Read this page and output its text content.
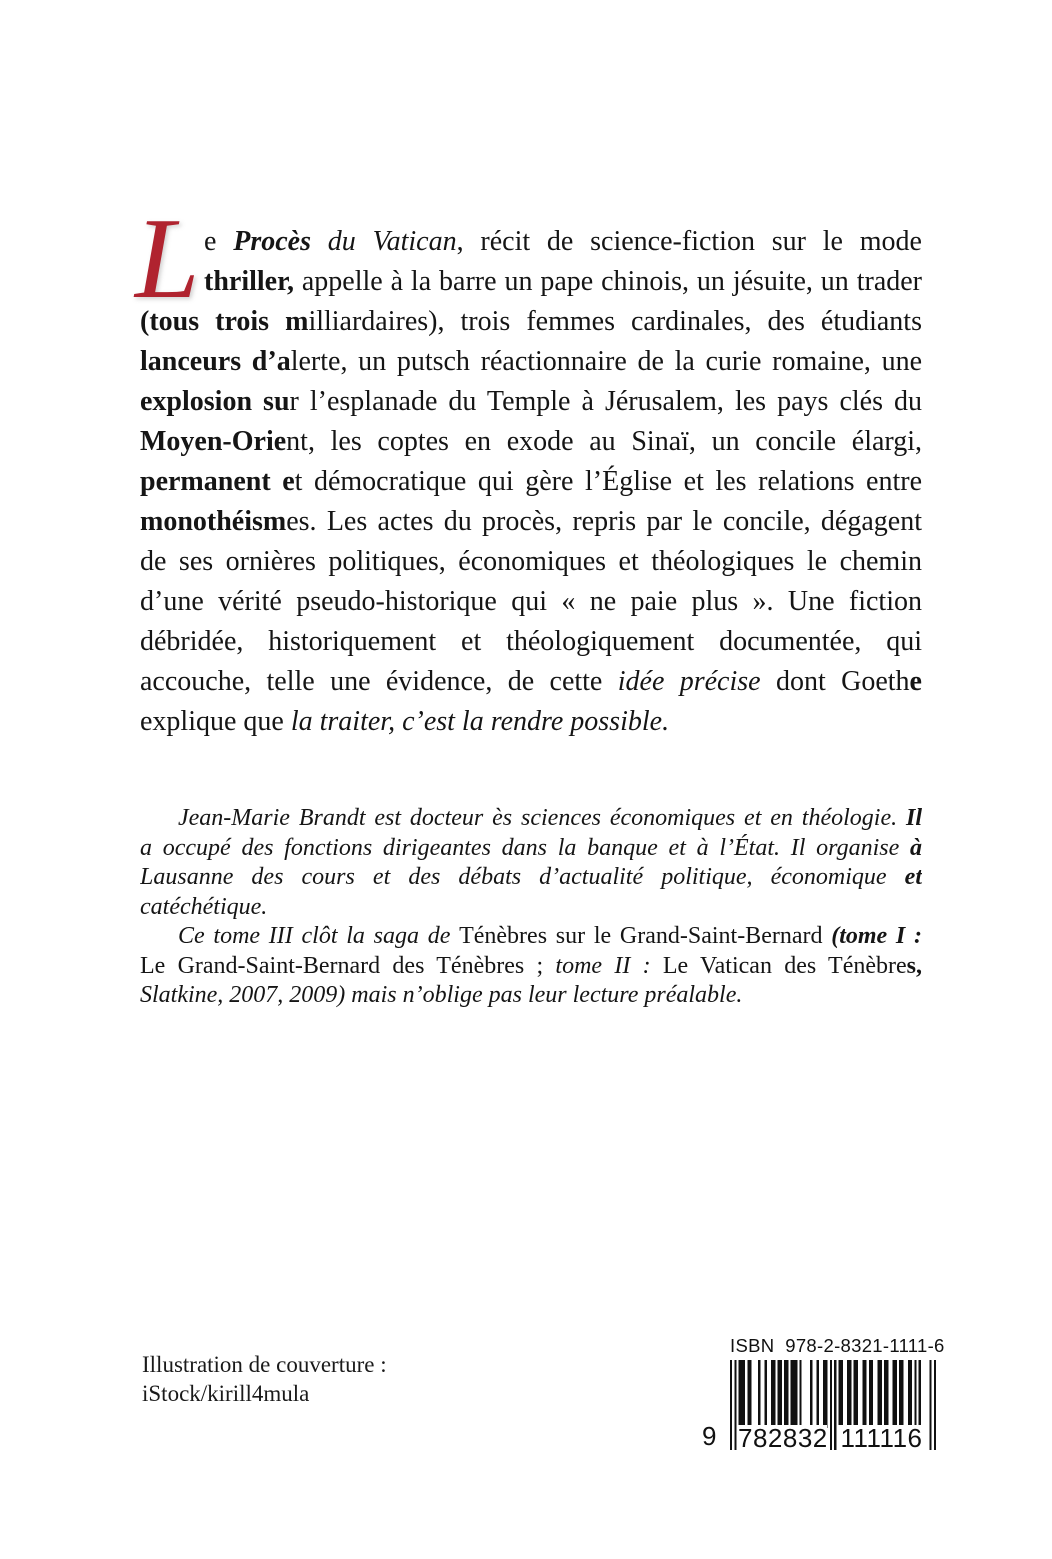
L e Procès du Vatican, récit de science-fiction sur le mode
thriller, appelle à la barre un pape chinois, un jésuite, un trader
(tous trois milliardaires), trois femmes cardinales, des étudiants
lanceurs d’alerte, un putsch réactionnaire de la curie romaine, une
explosion sur l’esplanade du Temple à Jérusalem, les pays clés du
Moyen-Orient, les coptes en exode au Sinaï, un concile élargi,
permanent et démocratique qui gère l’Église et les relations entre
monothéismes. Les actes du procès, repris par le concile, dégagent
de ses ornières politiques, économiques et théologiques le chemin
d’une vérité pseudo-historique qui « ne paie plus ». Une fiction
débridée, historiquement et théologiquement documentée, qui
accouche, telle une évidence, de cette idée précise dont Goethe
explique que la traiter, c’est la rendre possible.
Jean-Marie Brandt est docteur ès sciences économiques et en théologie. Il
a occupé des fonctions dirigeantes dans la banque et à l’État. Il organise à
Lausanne des cours et des débats d’actualité politique, économique et
catéchétique.
Ce tome III clôt la saga de Ténèbres sur le Grand-Saint-Bernard (tome I :
Le Grand-Saint-Bernard des Ténèbres ; tome II : Le Vatican des Ténèbres,
Slatkine, 2007, 2009) mais n’oblige pas leur lecture préalable.
Illustration de couverture :
iStock/kirill4mula
ISBN  978-2-8321-1111-6
9 782832 111116
